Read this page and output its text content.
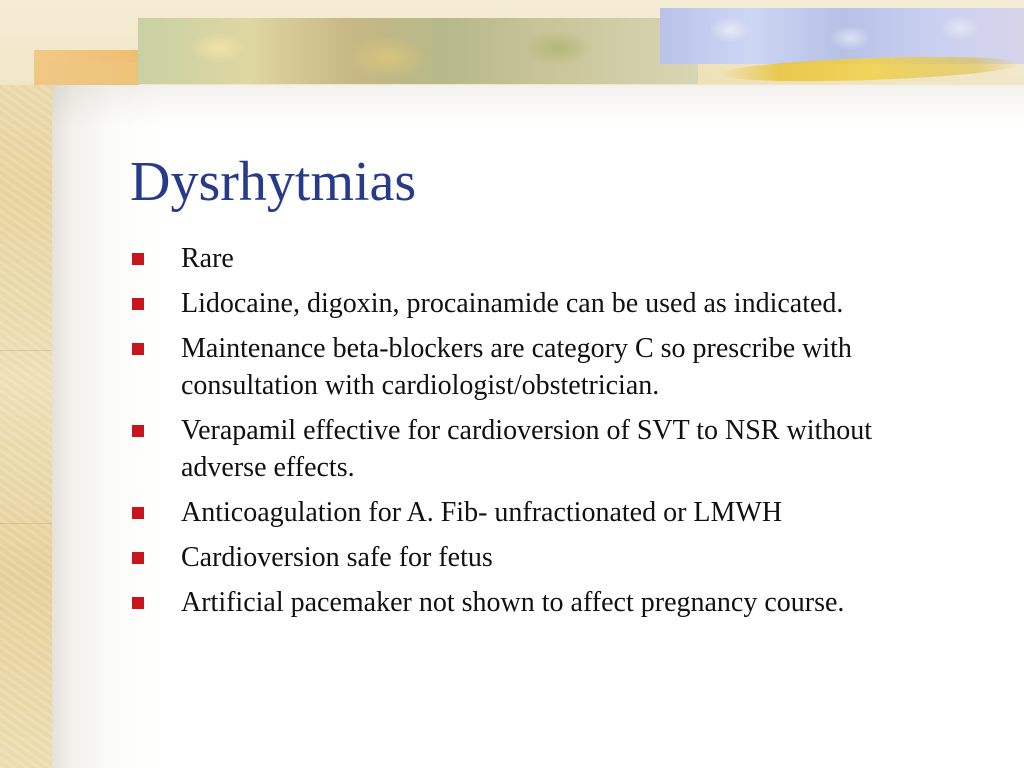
Dysrhytmias
Rare
Lidocaine, digoxin, procainamide can be used as indicated.
Maintenance beta-blockers are category C so prescribe with consultation with cardiologist/obstetrician.
Verapamil effective for cardioversion of SVT to NSR without adverse effects.
Anticoagulation for A. Fib- unfractionated or LMWH
Cardioversion safe for fetus
Artificial pacemaker not shown to affect pregnancy course.
